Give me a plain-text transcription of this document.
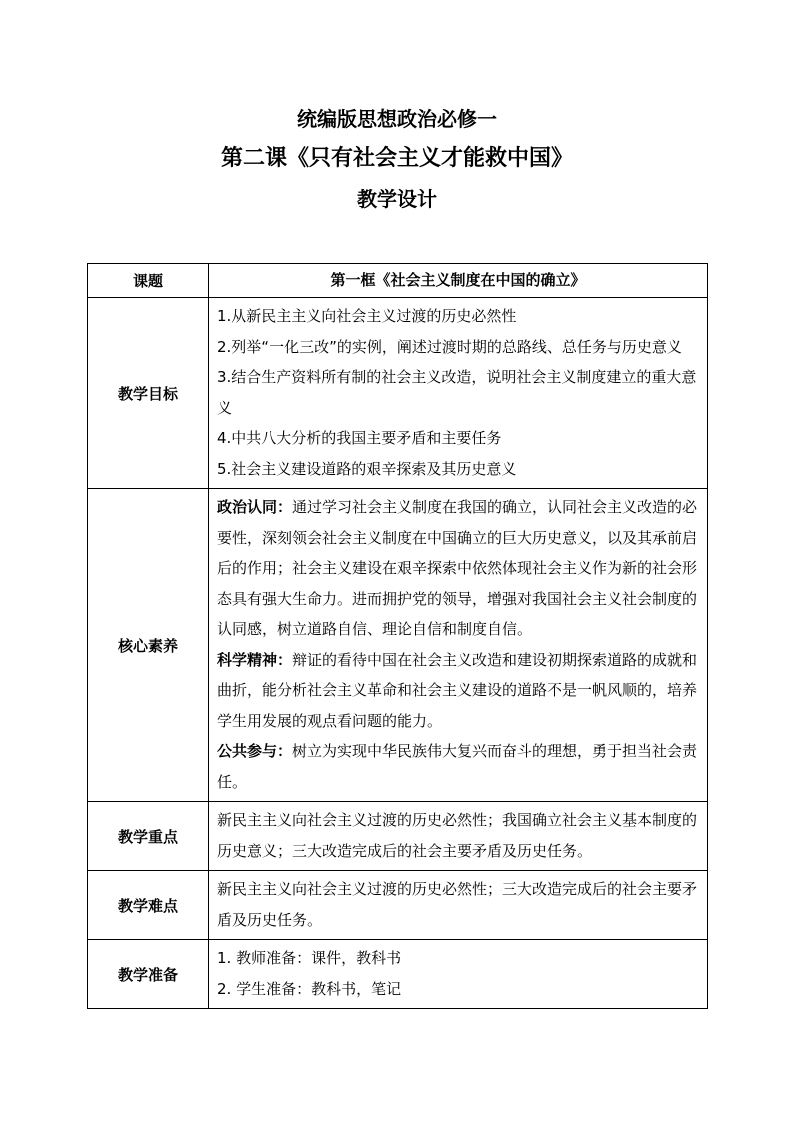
统编版思想政治必修一
第二课《只有社会主义才能救中国》
教学设计
课题	第一框《社会主义制度在中国的确立》
教学目标	1.从新民主主义向社会主义过渡的历史必然性
2.列举“一化三改”的实例，阐述过渡时期的总路线、总任务与历史意义
3.结合生产资料所有制的社会主义改造，说明社会主义制度建立的重大意义
4.中共八大分析的我国主要矛盾和主要任务
5.社会主义建设道路的艰辛探索及其历史意义

核心素养	政治认同：通过学习社会主义制度在我国的确立，认同社会主义改造的必要性，深刻领会社会主义制度在中国确立的巨大历史意义，以及其承前启后的作用；社会主义建设在艰辛探索中依然体现社会主义作为新的社会形态具有强大生命力。进而拥护党的领导，增强对我国社会主义社会制度的认同感，树立道路自信、理论自信和制度自信。
科学精神：辩证的看待中国在社会主义改造和建设初期探索道路的成就和曲折，能分析社会主义革命和社会主义建设的道路不是一帆风顺的，培养学生用发展的观点看问题的能力。
公共参与：树立为实现中华民族伟大复兴而奋斗的理想，勇于担当社会责任。

教学重点	新民主主义向社会主义过渡的历史必然性；我国确立社会主义基本制度的历史意义；三大改造完成后的社会主要矛盾及历史任务。
教学难点	新民主主义向社会主义过渡的历史必然性；三大改造完成后的社会主要矛盾及历史任务。
教学准备	1. 教师准备：课件，教科书
2. 学生准备：教科书，笔记
